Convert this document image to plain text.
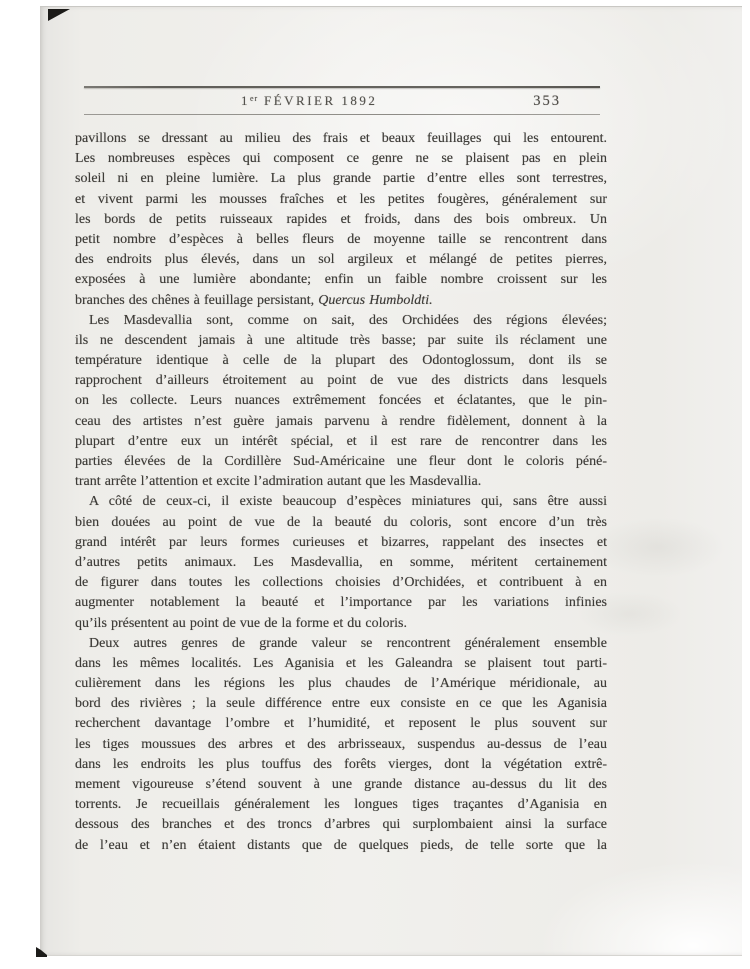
1er FÉVRIER 1892	353
pavillons se dressant au milieu des frais et beaux feuillages qui les entourent.
Les nombreuses espèces qui composent ce genre ne se plaisent pas en plein
soleil ni en pleine lumière. La plus grande partie d’entre elles sont terrestres,
et vivent parmi les mousses fraîches et les petites fougères, généralement sur
les bords de petits ruisseaux rapides et froids, dans des bois ombreux. Un
petit nombre d’espèces à belles fleurs de moyenne taille se rencontrent dans
des endroits plus élevés, dans un sol argileux et mélangé de petites pierres,
exposées à une lumière abondante; enfin un faible nombre croissent sur les
branches des chênes à feuillage persistant, Quercus Humboldti.
Les Masdevallia sont, comme on sait, des Orchidées des régions élevées;
ils ne descendent jamais à une altitude très basse; par suite ils réclament une
température identique à celle de la plupart des Odontoglossum, dont ils se
rapprochent d’ailleurs étroitement au point de vue des districts dans lesquels
on les collecte. Leurs nuances extrêmement foncées et éclatantes, que le pin-
ceau des artistes n’est guère jamais parvenu à rendre fidèlement, donnent à la
plupart d’entre eux un intérêt spécial, et il est rare de rencontrer dans les
parties élevées de la Cordillère Sud-Américaine une fleur dont le coloris péné-
trant arrête l’attention et excite l’admiration autant que les Masdevallia.
A côté de ceux-ci, il existe beaucoup d’espèces miniatures qui, sans être aussi
bien douées au point de vue de la beauté du coloris, sont encore d’un très
grand intérêt par leurs formes curieuses et bizarres, rappelant des insectes et
d’autres petits animaux. Les Masdevallia, en somme, méritent certainement
de figurer dans toutes les collections choisies d’Orchidées, et contribuent à en
augmenter notablement la beauté et l’importance par les variations infinies
qu’ils présentent au point de vue de la forme et du coloris.
Deux autres genres de grande valeur se rencontrent généralement ensemble
dans les mêmes localités. Les Aganisia et les Galeandra se plaisent tout parti-
culièrement dans les régions les plus chaudes de l’Amérique méridionale, au
bord des rivières ; la seule différence entre eux consiste en ce que les Aganisia
recherchent davantage l’ombre et l’humidité, et reposent le plus souvent sur
les tiges moussues des arbres et des arbrisseaux, suspendus au-dessus de l’eau
dans les endroits les plus touffus des forêts vierges, dont la végétation extrê-
mement vigoureuse s’étend souvent à une grande distance au-dessus du lit des
torrents. Je recueillais généralement les longues tiges traçantes d’Aganisia en
dessous des branches et des troncs d’arbres qui surplombaient ainsi la surface
de l’eau et n’en étaient distants que de quelques pieds, de telle sorte que la
